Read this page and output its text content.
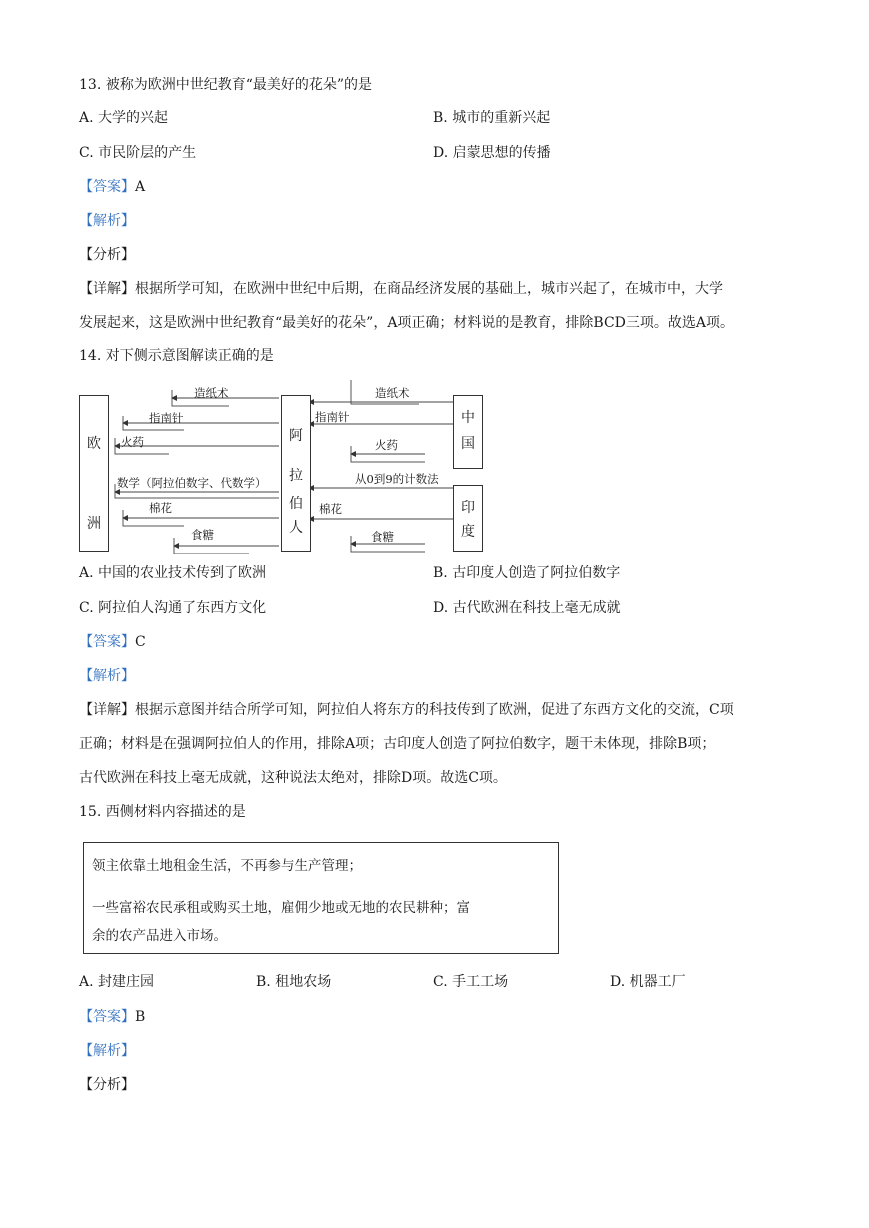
13. 被称为欧洲中世纪教育“最美好的花朵”的是
A. 大学的兴起	B. 城市的重新兴起
C. 市民阶层的产生	D. 启蒙思想的传播
【答案】A
【解析】
【分析】
【详解】根据所学可知，在欧洲中世纪中后期，在商品经济发展的基础上，城市兴起了，在城市中，大学
发展起来，这是欧洲中世纪教育“最美好的花朵”，A项正确；材料说的是教育，排除BCD三项。故选A项。
14. 对下侧示意图解读正确的是
欧
洲
阿
拉
伯
人
中
国
印
度
造纸术
指南针
火药
数学（阿拉伯数字、代数学）
棉花
食糖
造纸术
指南针
火药
从0到9的计数法
棉花
食糖
A. 中国的农业技术传到了欧洲	B. 古印度人创造了阿拉伯数字
C. 阿拉伯人沟通了东西方文化	D. 古代欧洲在科技上毫无成就
【答案】C
【解析】
【详解】根据示意图并结合所学可知，阿拉伯人将东方的科技传到了欧洲，促进了东西方文化的交流，C项
正确；材料是在强调阿拉伯人的作用，排除A项；古印度人创造了阿拉伯数字，题干未体现，排除B项；
古代欧洲在科技上毫无成就，这种说法太绝对，排除D项。故选C项。
15. 西侧材料内容描述的是
领主依靠土地租金生活，不再参与生产管理；
一些富裕农民承租或购买土地，雇佣少地或无地的农民耕种；富
余的农产品进入市场。
A. 封建庄园	B. 租地农场	C. 手工工场	D. 机器工厂
【答案】B
【解析】
【分析】
